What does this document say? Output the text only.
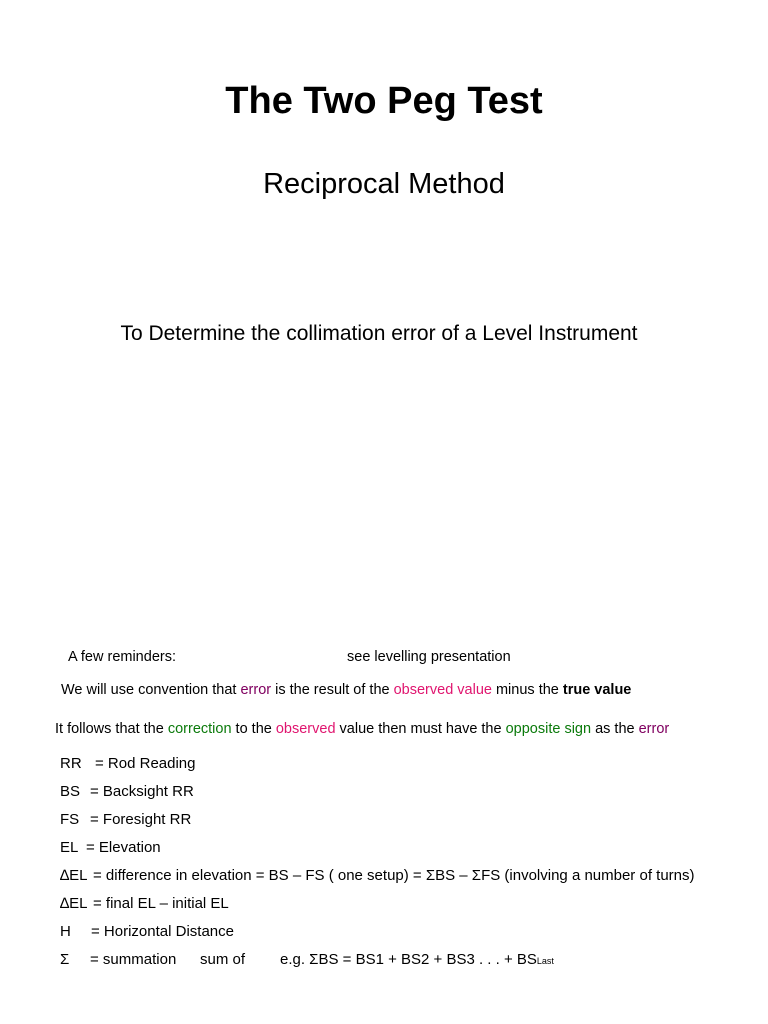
The Two Peg Test
Reciprocal Method
To Determine the collimation error of a Level Instrument
A few reminders:	see levelling presentation
We will use convention that error is the result of the observed value minus the true value
It follows that the correction to the observed value then must have the opposite sign as the error
RR = Rod Reading
BS = Backsight RR
FS = Foresight RR
EL = Elevation
∆EL = difference in elevation = BS – FS ( one setup) = ΣBS – ΣFS (involving a number of turns)
∆EL = final EL – initial EL
H	= Horizontal Distance
Σ	= summation	sum of	e.g. ΣBS = BS1 + BS2 + BS3 . . . + BSLast
